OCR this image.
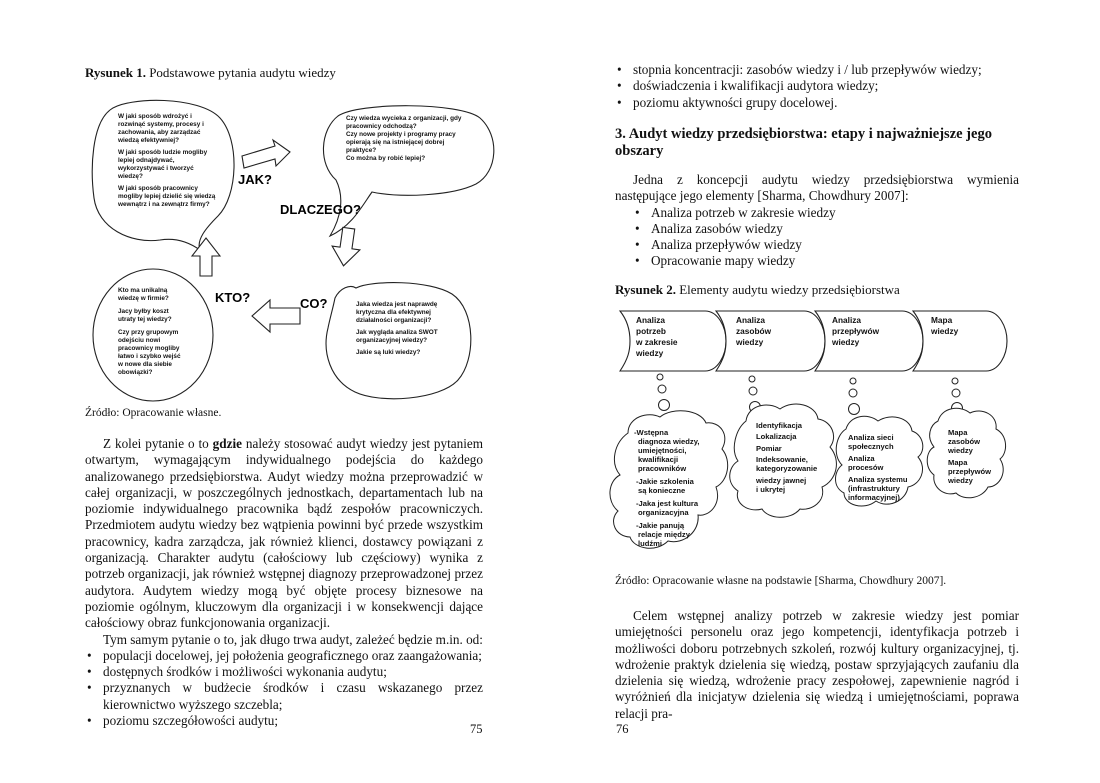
Rysunek 1. Podstawowe pytania audytu wiedzy
W jaki sposób wdrożyć i
rozwinąć systemy, procesy i
zachowania, aby zarządzać
wiedzą efektywniej?
W jaki sposób ludzie mogliby
lepiej odnajdywać,
wykorzystywać i tworzyć
wiedzę?
W jaki sposób pracownicy
mogliby lepiej dzielić się wiedzą
wewnątrz i na zewnątrz firmy?
Czy wiedza wycieka z organizacji, gdy
pracownicy odchodzą?
Czy nowe projekty i programy pracy
opierają się na istniejącej dobrej
praktyce?
Co można by robić lepiej?
Kto ma unikalną
wiedzę w firmie?
Jacy byłby koszt
utraty tej wiedzy?
Czy przy grupowym
odejściu nowi
pracownicy mogliby
łatwo i szybko wejść
w nowe dla siebie
obowiązki?
Jaka wiedza jest naprawdę
krytyczna dla efektywnej
działalności organizacji?
Jak wygląda analiza SWOT
organizacyjnej wiedzy?
Jakie są luki wiedzy?
JAK?
DLACZEGO?
KTO?	CO?
Źródło: Opracowanie własne.

Z kolei pytanie o to gdzie należy stosować audyt wiedzy jest pytaniem otwartym, wymagającym indywidualnego podejścia do każdego analizowanego przedsiębiorstwa. Audyt wiedzy można przeprowadzić w całej organizacji, w poszczególnych jednostkach, departamentach lub na poziomie indywidualnego pracownika bądź zespołów pracowniczych. Przedmiotem audytu wiedzy bez wątpienia powinni być przede wszystkim pracownicy, kadra zarządcza, jak również klienci, dostawcy powiązani z organizacją. Charakter audytu (całościowy lub częściowy) wynika z potrzeb organizacji, jak również wstępnej diagnozy przeprowadzonej przez audytora. Audytem wiedzy mogą być objęte procesy biznesowe na poziomie ogólnym, kluczowym dla organizacji i w konsekwencji dające całościowy obraz funkcjonowania organizacji.

Tym samym pytanie o to, jak długo trwa audyt, zależeć będzie m.in. od:

• populacji docelowej, jej położenia geograficznego oraz zaangażowania;
• dostępnych środków i możliwości wykonania audytu;
• przyznanych w budżecie środków i czasu wskazanego przez kierownictwo wyższego szczebla;
• poziomu szczegółowości audytu;
75
• stopnia koncentracji: zasobów wiedzy i / lub przepływów wiedzy;
• doświadczenia i kwalifikacji audytora wiedzy;
• poziomu aktywności grupy docelowej.
3. Audyt wiedzy przedsiębiorstwa: etapy i najważniejsze jego obszary

Jedna z koncepcji audytu wiedzy przedsiębiorstwa wymienia następujące jego elementy [Sharma, Chowdhury 2007]:

• Analiza potrzeb w zakresie wiedzy
• Analiza zasobów wiedzy
• Analiza przepływów wiedzy
• Opracowanie mapy wiedzy
Rysunek 2. Elementy audytu wiedzy przedsiębiorstwa
Analiza
potrzeb
w zakresie
wiedzy
Analiza
zasobów
wiedzy
Analiza
przepływów
wiedzy
Mapa
wiedzy
-Wstępna
diagnoza wiedzy,
umiejętności,
kwalifikacji
pracowników
-Jakie szkolenia
są konieczne
-Jaka jest kultura
organizacyjna
-Jakie panują
relacje między
ludźmi
Identyfikacja
Lokalizacja
Pomiar
Indeksowanie,
kategoryzowanie
wiedzy jawnej
i ukrytej
Analiza sieci
społecznych
Analiza
procesów
Analiza systemu
(infrastruktury
informacyjnej)
Mapa
zasobów
wiedzy
Mapa
przepływów
wiedzy
Źródło: Opracowanie własne na podstawie [Sharma, Chowdhury 2007].

Celem wstępnej analizy potrzeb w zakresie wiedzy jest pomiar umiejętności personelu oraz jego kompetencji, identyfikacja potrzeb i możliwości doboru potrzebnych szkoleń, rozwój kultury organizacyjnej, tj. wdrożenie praktyk dzielenia się wiedzą, postaw sprzyjających zaufaniu dla dzielenia się wiedzą, wdrożenie pracy zespołowej, zapewnienie nagród i wyróżnień dla inicjatyw dzielenia się wiedzą i umiejętnościami, poprawa relacji pra-

76
